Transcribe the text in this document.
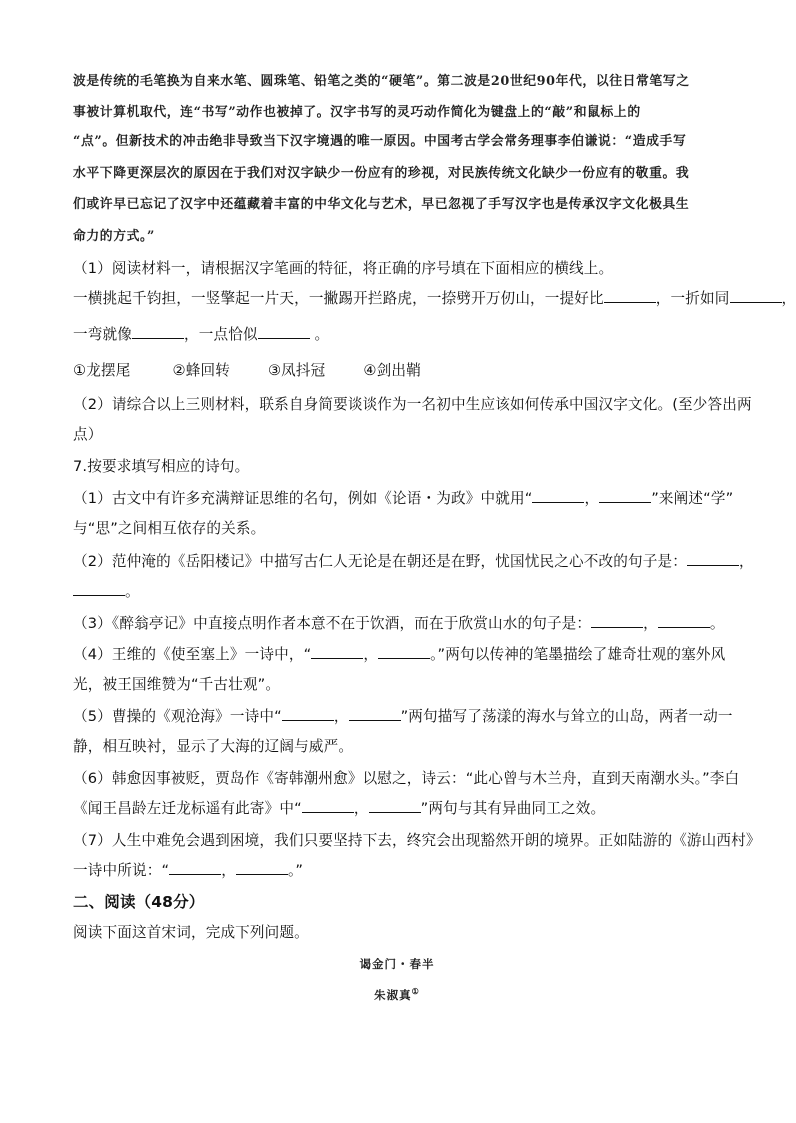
波是传统的毛笔换为自来水笔、圆珠笔、铅笔之类的“硬笔”。第二波是20世纪90年代，以往日常笔写之
事被计算机取代，连“书写”动作也被掉了。汉字书写的灵巧动作简化为键盘上的“敲”和鼠标上的
“点”。但新技术的冲击绝非导致当下汉字境遇的唯一原因。中国考古学会常务理事李伯谦说：“造成手写
水平下降更深层次的原因在于我们对汉字缺少一份应有的珍视，对民族传统文化缺少一份应有的敬重。我
们或许早已忘记了汉字中还蕴藏着丰富的中华文化与艺术，早已忽视了手写汉字也是传承汉字文化极具生
命力的方式。”
（1）阅读材料一，请根据汉字笔画的特征，将正确的序号填在下面相应的横线上。
一横挑起千钧担，一竖擎起一片天，一撇踢开拦路虎，一捺劈开万仞山，一提好比	，一折如同	，
一弯就像	，一点恰似	。
①龙摆尾	②蜂回转	③凤抖冠	④剑出鞘
（2）请综合以上三则材料，联系自身简要谈谈作为一名初中生应该如何传承中国汉字文化。(至少答出两
点）
7.按要求填写相应的诗句。
（1）古文中有许多充满辩证思维的名句，例如《论语・为政》中就用“	，	”来阐述“学”
与“思”之间相互依存的关系。
（2）范仲淹的《岳阳楼记》中描写古仁人无论是在朝还是在野，忧国忧民之心不改的句子是：	，
。
（3）《醉翁亭记》中直接点明作者本意不在于饮酒，而在于欣赏山水的句子是：	，	。
（4）王维的《使至塞上》一诗中，“	，	。”两句以传神的笔墨描绘了雄奇壮观的塞外风
光，被王国维赞为“千古壮观”。
（5）曹操的《观沧海》一诗中“	，	”两句描写了荡漾的海水与耸立的山岛，两者一动一
静，相互映衬，显示了大海的辽阔与威严。
（6）韩愈因事被贬，贾岛作《寄韩潮州愈》以慰之，诗云：“此心曾与木兰舟，直到天南潮水头。”李白
《闻王昌龄左迁龙标遥有此寄》中“	，	”两句与其有异曲同工之效。
（7）人生中难免会遇到困境，我们只要坚持下去，终究会出现豁然开朗的境界。正如陆游的《游山西村》
一诗中所说：“	，	。”
二、阅读（48分）
阅读下面这首宋词，完成下列问题。
谒金门・春半
朱淑真①
